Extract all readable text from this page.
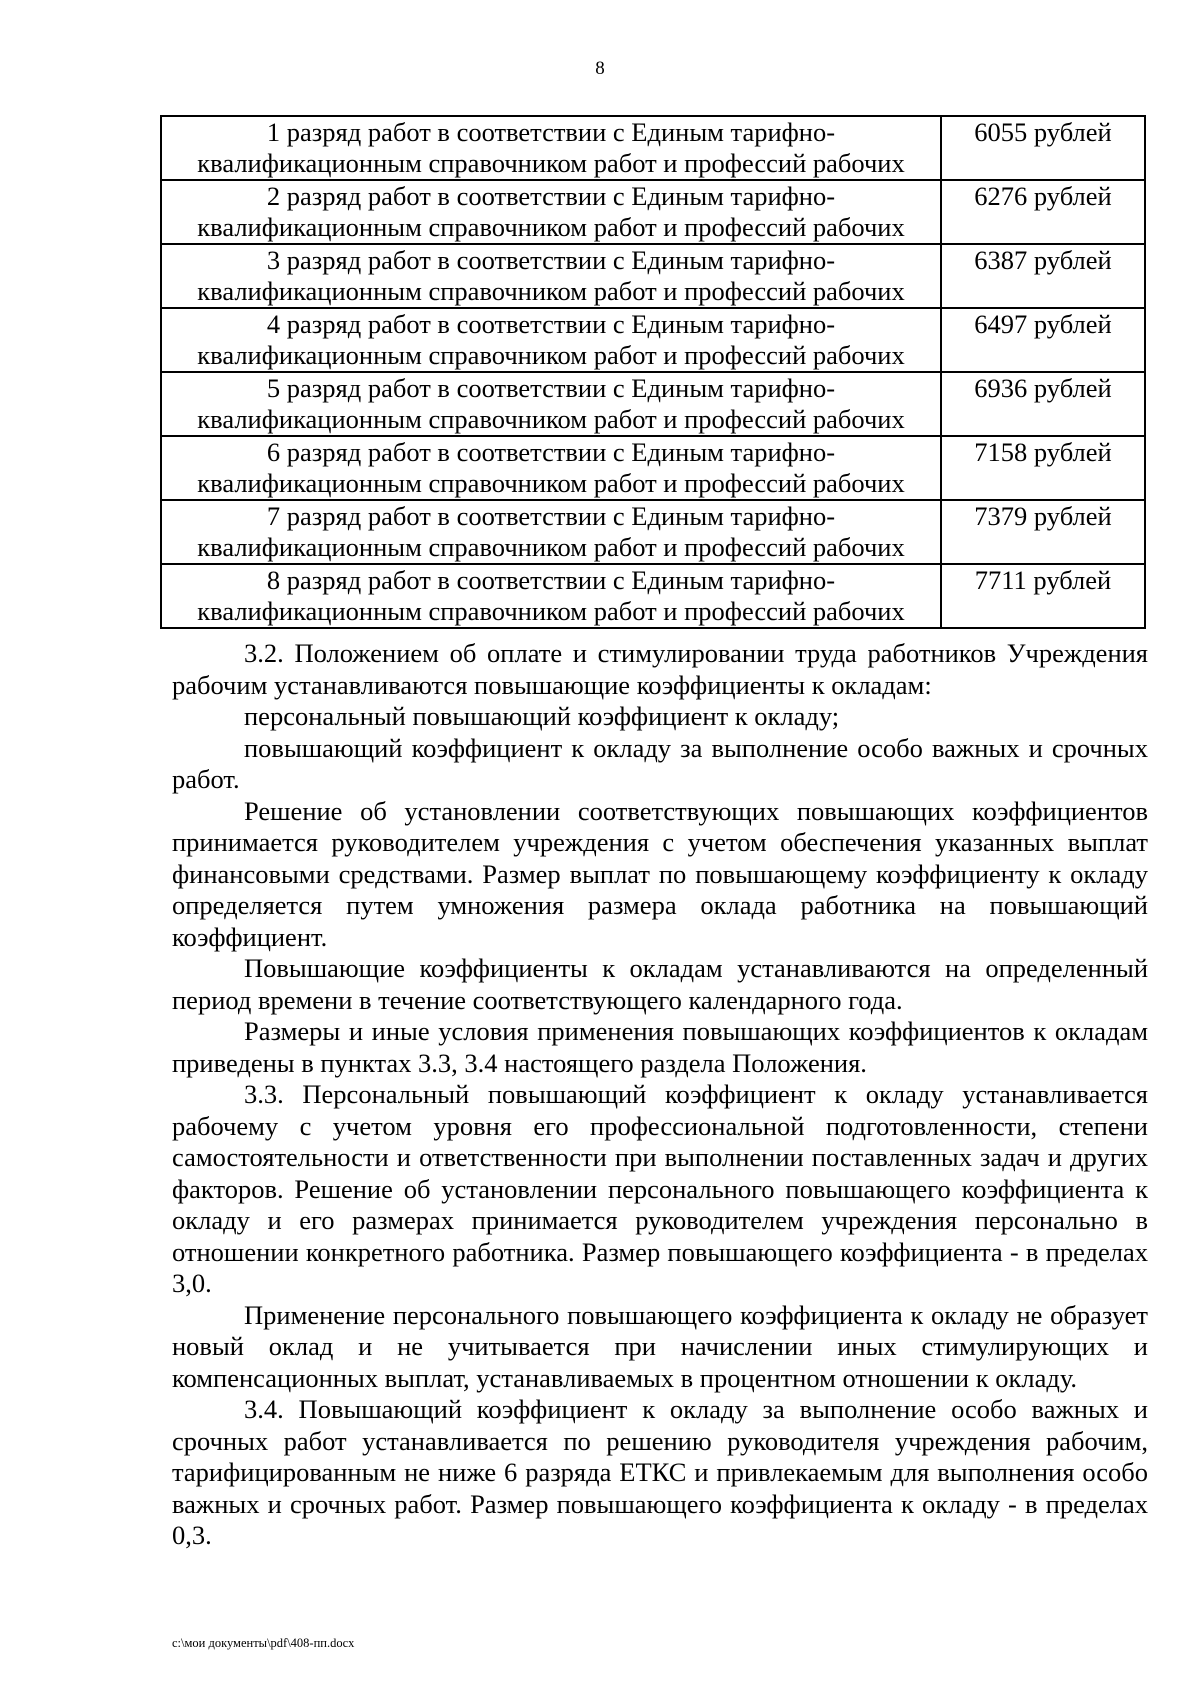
8
1 разряд работ в соответствии с Единым тарифно-
квалификационным справочником работ и профессий рабочих	6055 рублей

2 разряд работ в соответствии с Единым тарифно-
квалификационным справочником работ и профессий рабочих	6276 рублей

3 разряд работ в соответствии с Единым тарифно-
квалификационным справочником работ и профессий рабочих	6387 рублей

4 разряд работ в соответствии с Единым тарифно-
квалификационным справочником работ и профессий рабочих	6497 рублей

5 разряд работ в соответствии с Единым тарифно-
квалификационным справочником работ и профессий рабочих	6936 рублей

6 разряд работ в соответствии с Единым тарифно-
квалификационным справочником работ и профессий рабочих	7158 рублей

7 разряд работ в соответствии с Единым тарифно-
квалификационным справочником работ и профессий рабочих	7379 рублей

8 разряд работ в соответствии с Единым тарифно-
квалификационным справочником работ и профессий рабочих	7711 рублей

3.2. Положением об оплате и стимулировании труда работников Учреждения рабочим устанавливаются повышающие коэффициенты к окладам:

персональный повышающий коэффициент к окладу;

повышающий коэффициент к окладу за выполнение особо важных и срочных работ.

Решение об установлении соответствующих повышающих коэффициентов принимается руководителем учреждения с учетом обеспечения указанных выплат финансовыми средствами. Размер выплат по повышающему коэффициенту к окладу определяется путем умножения размера оклада работника на повышающий коэффициент.

Повышающие коэффициенты к окладам устанавливаются на определенный период времени в течение соответствующего календарного года.

Размеры и иные условия применения повышающих коэффициентов к окладам приведены в пунктах 3.3, 3.4 настоящего раздела Положения.

3.3. Персональный повышающий коэффициент к окладу устанавливается рабочему с учетом уровня его профессиональной подготовленности, степени самостоятельности и ответственности при выполнении поставленных задач и других факторов. Решение об установлении персонального повышающего коэффициента к окладу и его размерах принимается руководителем учреждения персонально в отношении конкретного работника. Размер повышающего коэффициента - в пределах 3,0.

Применение персонального повышающего коэффициента к окладу не образует новый оклад и не учитывается при начислении иных стимулирующих и компенсационных выплат, устанавливаемых в процентном отношении к окладу.

3.4. Повышающий коэффициент к окладу за выполнение особо важных и срочных работ устанавливается по решению руководителя учреждения рабочим, тарифицированным не ниже 6 разряда ЕТКС и привлекаемым для выполнения особо важных и срочных работ. Размер повышающего коэффициента к окладу - в пределах 0,3.

c:\мои документы\pdf\408-пп.docx
